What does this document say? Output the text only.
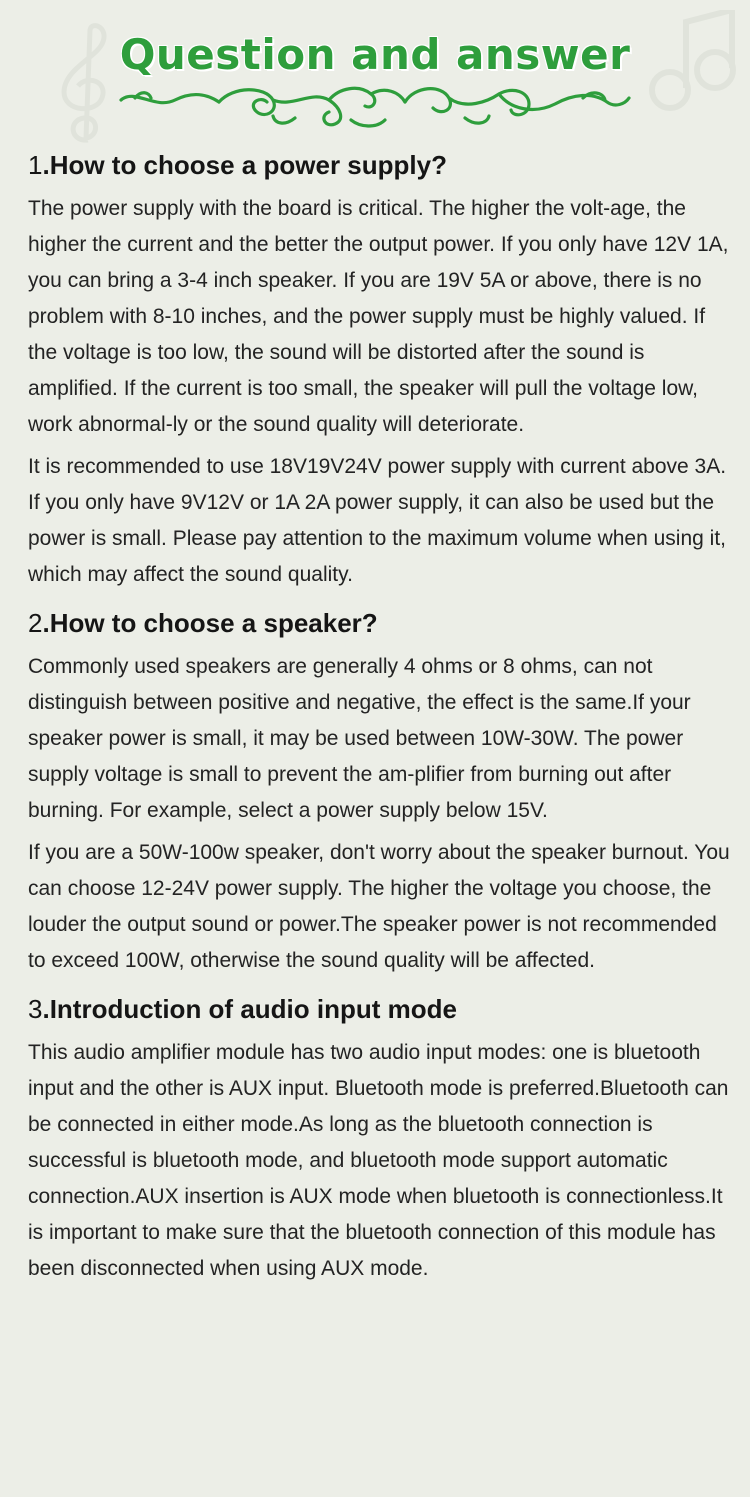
Question and answer
1.How to choose a power supply?

The power supply with the board is critical. The higher the volt-age, the higher the current and the better the output power. If you only have 12V 1A, you can bring a 3-4 inch speaker. If you are 19V 5A or above, there is no problem with 8-10 inches, and the power supply must be highly valued. If the voltage is too low, the sound will be distorted after the sound is amplified. If the current is too small, the speaker will pull the voltage low, work abnormal-ly or the sound quality will deteriorate.

It is recommended to use 18V19V24V power supply with current above 3A. If you only have 9V12V or 1A 2A power supply, it can also be used but the power is small. Please pay attention to the maximum volume when using it, which may affect the sound quality.

2.How to choose a speaker?

Commonly used speakers are generally 4 ohms or 8 ohms, can not distinguish between positive and negative, the effect is the same.If your speaker power is small, it may be used between 10W-30W. The power supply voltage is small to prevent the am-plifier from burning out after burning. For example, select a power supply below 15V.

If you are a 50W-100w speaker, don't worry about the speaker burnout. You can choose 12-24V power supply. The higher the voltage you choose, the louder the output sound or power.The speaker power is not recommended to exceed 100W, otherwise the sound quality will be affected.

3.Introduction of audio input mode

This audio amplifier module has two audio input modes: one is bluetooth input and the other is AUX input. Bluetooth mode is preferred.Bluetooth can be connected in either mode.As long as the bluetooth connection is successful is bluetooth mode, and bluetooth mode support automatic connection.AUX insertion is AUX mode when bluetooth is connectionless.It is important to make sure that the bluetooth connection of this module has been disconnected when using AUX mode.
